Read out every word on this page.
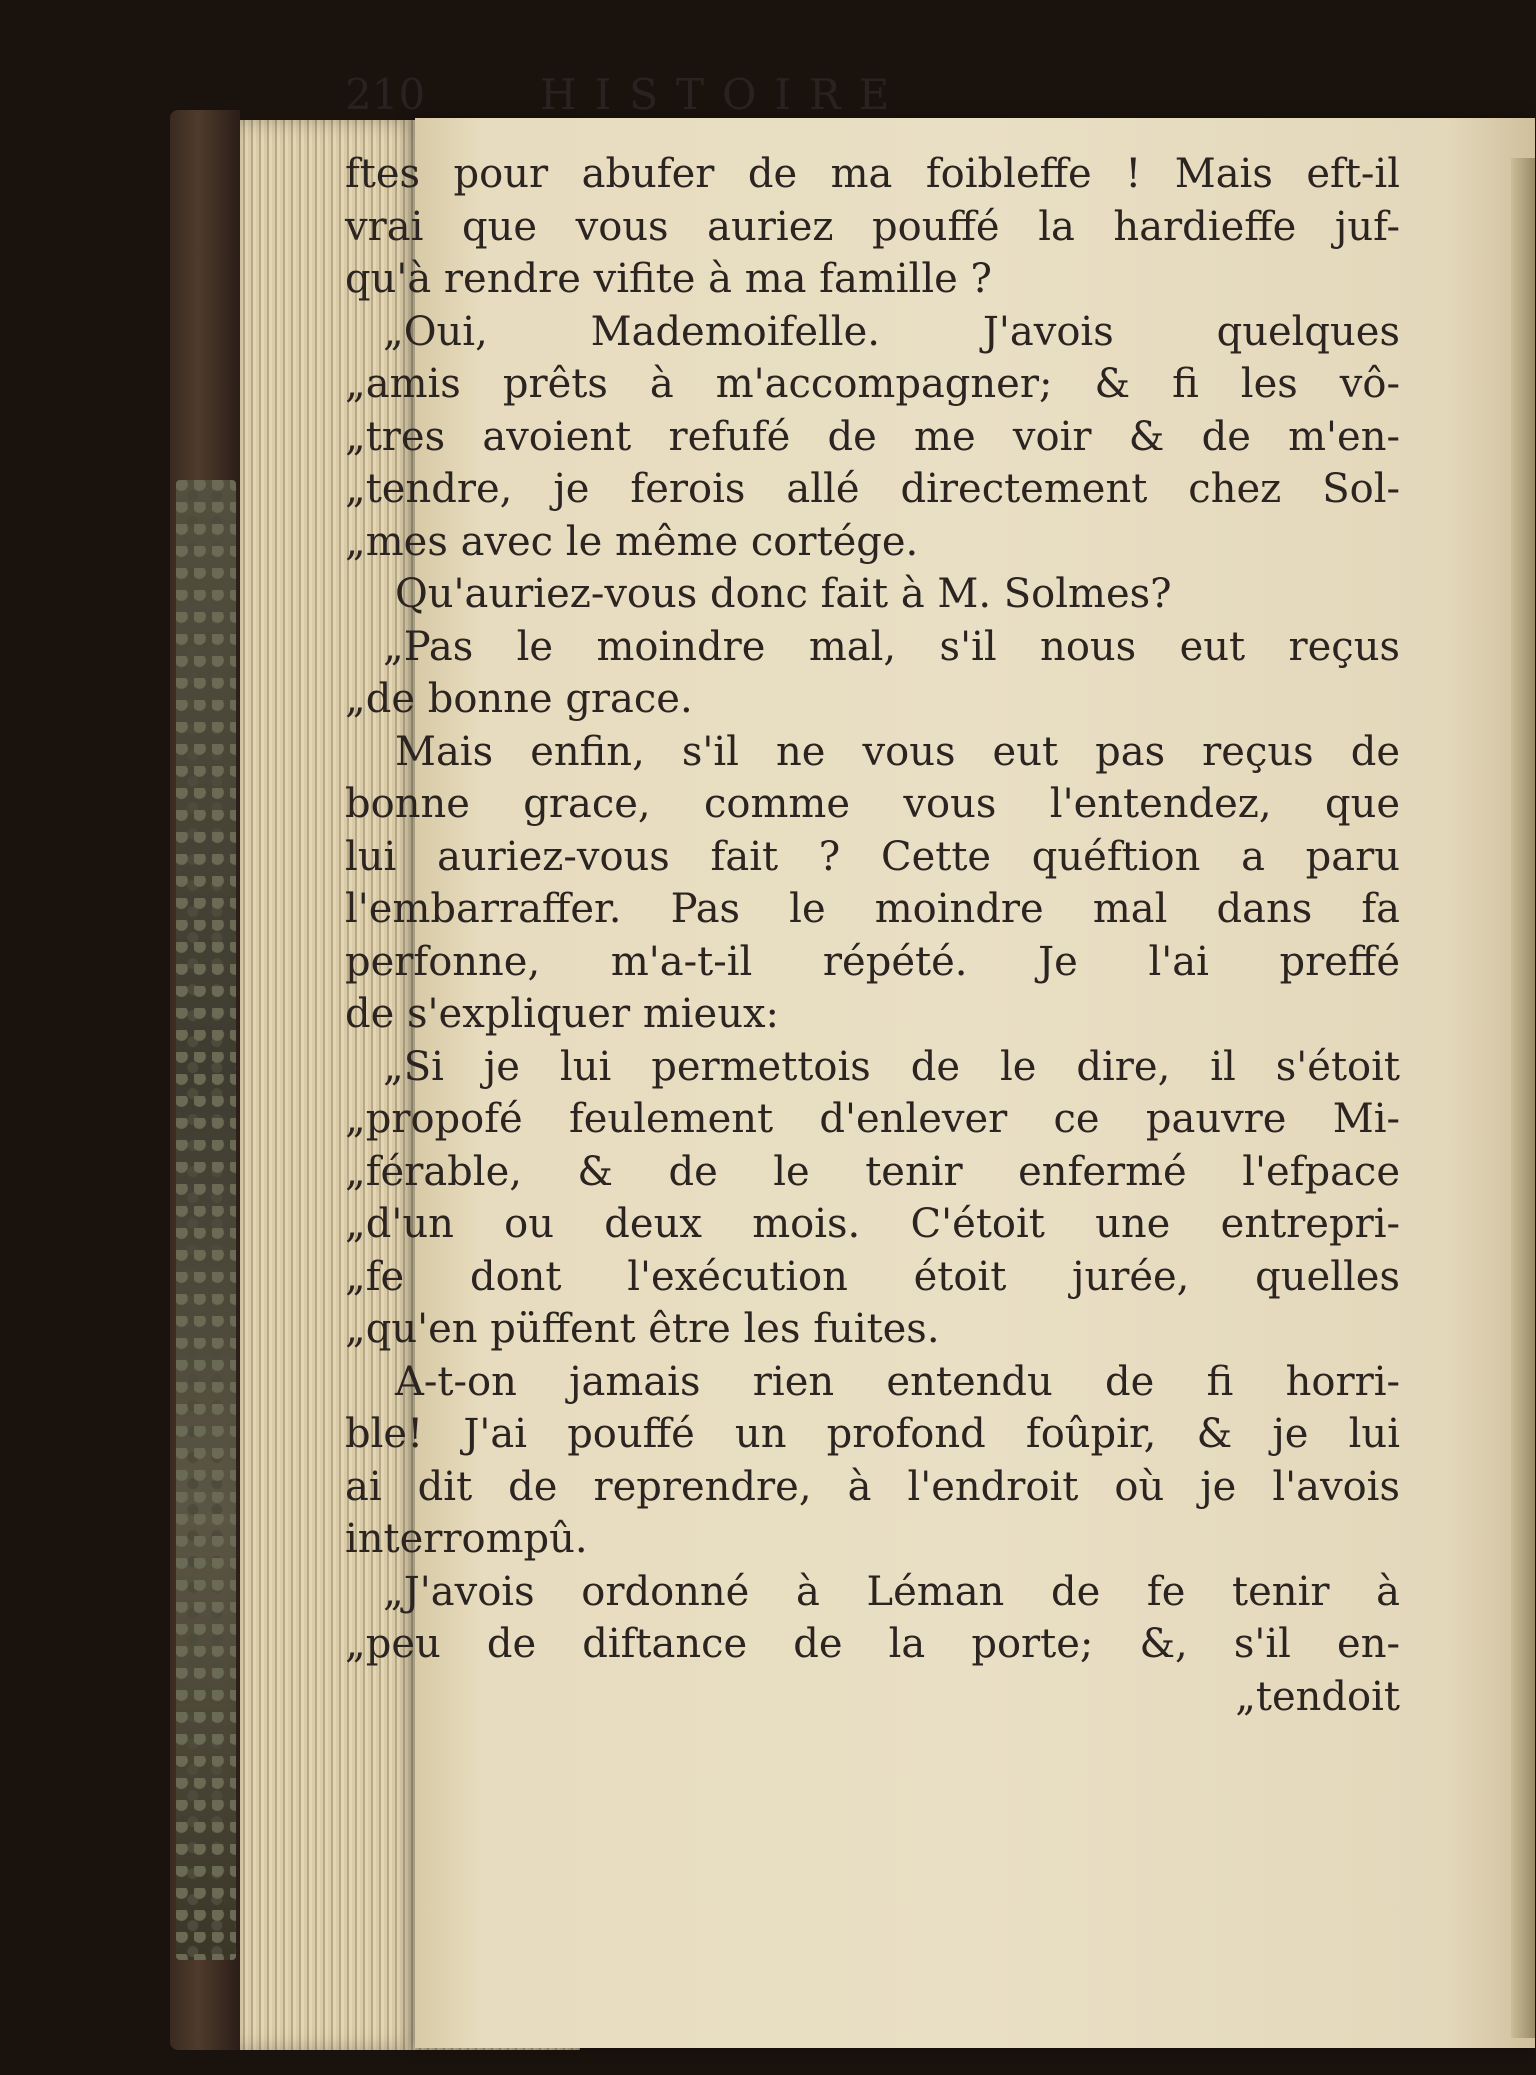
210	HISTOIRE
ftes pour abufer de ma foibleffe ! Mais eft-il
vrai que vous auriez pouffé la hardieffe juf-
qu'à rendre vifite à ma famille ?
„Oui, Mademoifelle. J'avois quelques
„amis prêts à m'accompagner; & fi les vô-
„tres avoient refufé de me voir & de m'en-
„tendre, je ferois allé directement chez Sol-
„mes avec le même cortége.
Qu'auriez-vous donc fait à M. Solmes?
„Pas le moindre mal, s'il nous eut reçus
„de bonne grace.
Mais enfin, s'il ne vous eut pas reçus de
bonne grace, comme vous l'entendez, que
lui auriez-vous fait ? Cette quéftion a paru
l'embarraffer. Pas le moindre mal dans fa
perfonne, m'a-t-il répété. Je l'ai preffé
de s'expliquer mieux:
„Si je lui permettois de le dire, il s'étoit
„propofé feulement d'enlever ce pauvre Mi-
„férable, & de le tenir enfermé l'efpace
„d'un ou deux mois. C'étoit une entrepri-
„fe dont l'exécution étoit jurée, quelles
„qu'en püffent être les fuites.
A-t-on jamais rien entendu de fi horri-
ble! J'ai pouffé un profond foûpir, & je lui
ai dit de reprendre, à l'endroit où je l'avois
interrompû.
„J'avois ordonné à Léman de fe tenir à
„peu de diftance de la porte; &, s'il en-
„tendoit
